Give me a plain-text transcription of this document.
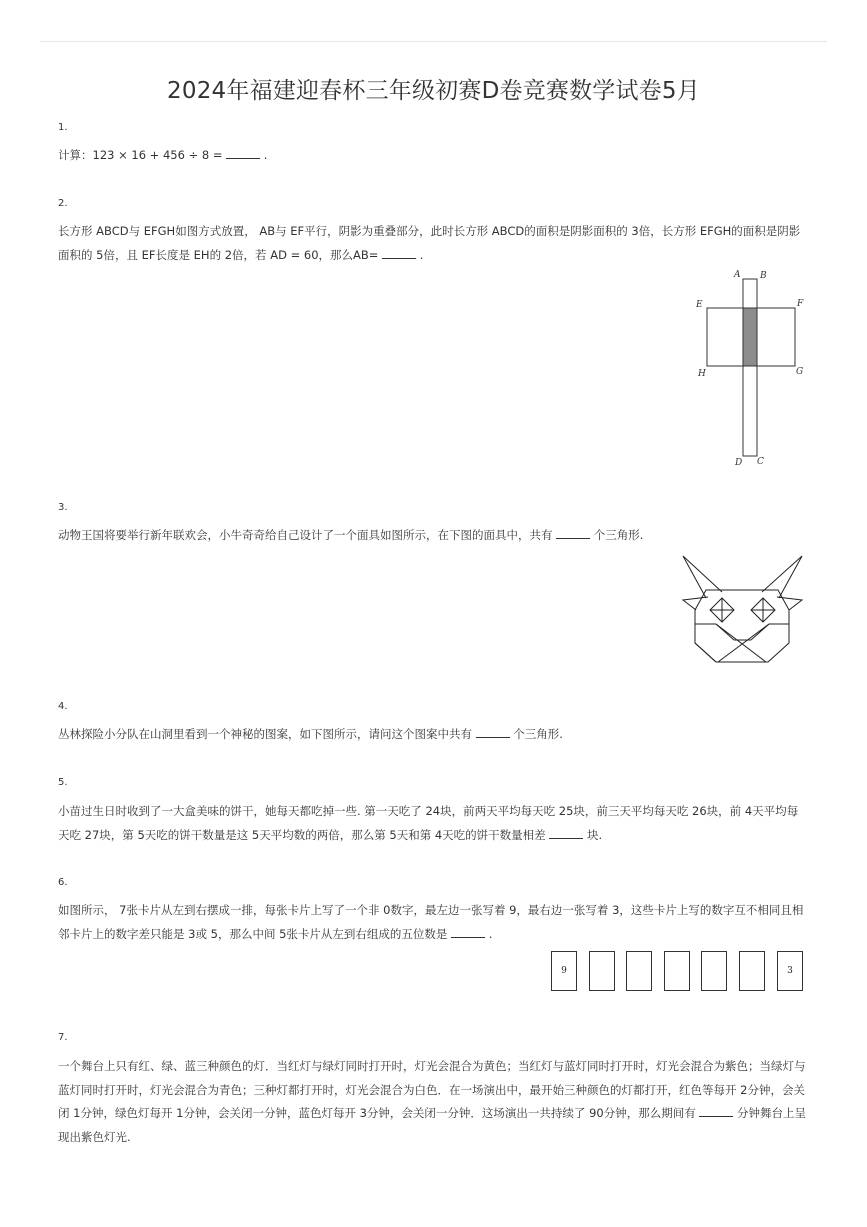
2024年福建迎春杯三年级初赛D卷竞赛数学试卷5月
1.
计算：123 × 16 + 456 ÷ 8 =	.
2.
长方形 ABCD与 EFGH如图方式放置， AB与 EF平行，阴影为重叠部分，此时长方形 ABCD的面积是阴影面积的 3倍，长方形 EFGH的面积是阴影面积的 5倍，且 EF长度是 EH的 2倍，若 AD = 60，那么AB=	.
A B
C
D
E	F
G
H
3.
动物王国将要举行新年联欢会，小牛奇奇给自己设计了一个面具如图所示，在下图的面具中，共有	个三角形.
4.
丛林探险小分队在山洞里看到一个神秘的图案，如下图所示，请问这个图案中共有	个三角形.
5.
小苗过生日时收到了一大盒美味的饼干，她每天都吃掉一些. 第一天吃了 24块，前两天平均每天吃 25块，前三天平均每天吃 26块，前 4天平均每天吃 27块，第 5天吃的饼干数量是这 5天平均数的两倍，那么第 5天和第 4天吃的饼干数量相差	块.
6.
如图所示， 7张卡片从左到右摆成一排，每张卡片上写了一个非 0数字，最左边一张写着 9，最右边一张写着 3，这些卡片上写的数字互不相同且相邻卡片上的数字差只能是 3或 5，那么中间 5张卡片从左到右组成的五位数是	.
9	3
7.
一个舞台上只有红、绿、蓝三种颜色的灯．当红灯与绿灯同时打开时，灯光会混合为黄色；当红灯与蓝灯同时打开时，灯光会混合为紫色；当绿灯与蓝灯同时打开时，灯光会混合为青色；三种灯都打开时，灯光会混合为白色．在一场演出中，最开始三种颜色的灯都打开，红色等每开 2分钟，会关闭 1分钟，绿色灯每开 1分钟，会关闭一分钟，蓝色灯每开 3分钟，会关闭一分钟．这场演出一共持续了 90分钟，那么期间有	分钟舞台上呈现出紫色灯光.
